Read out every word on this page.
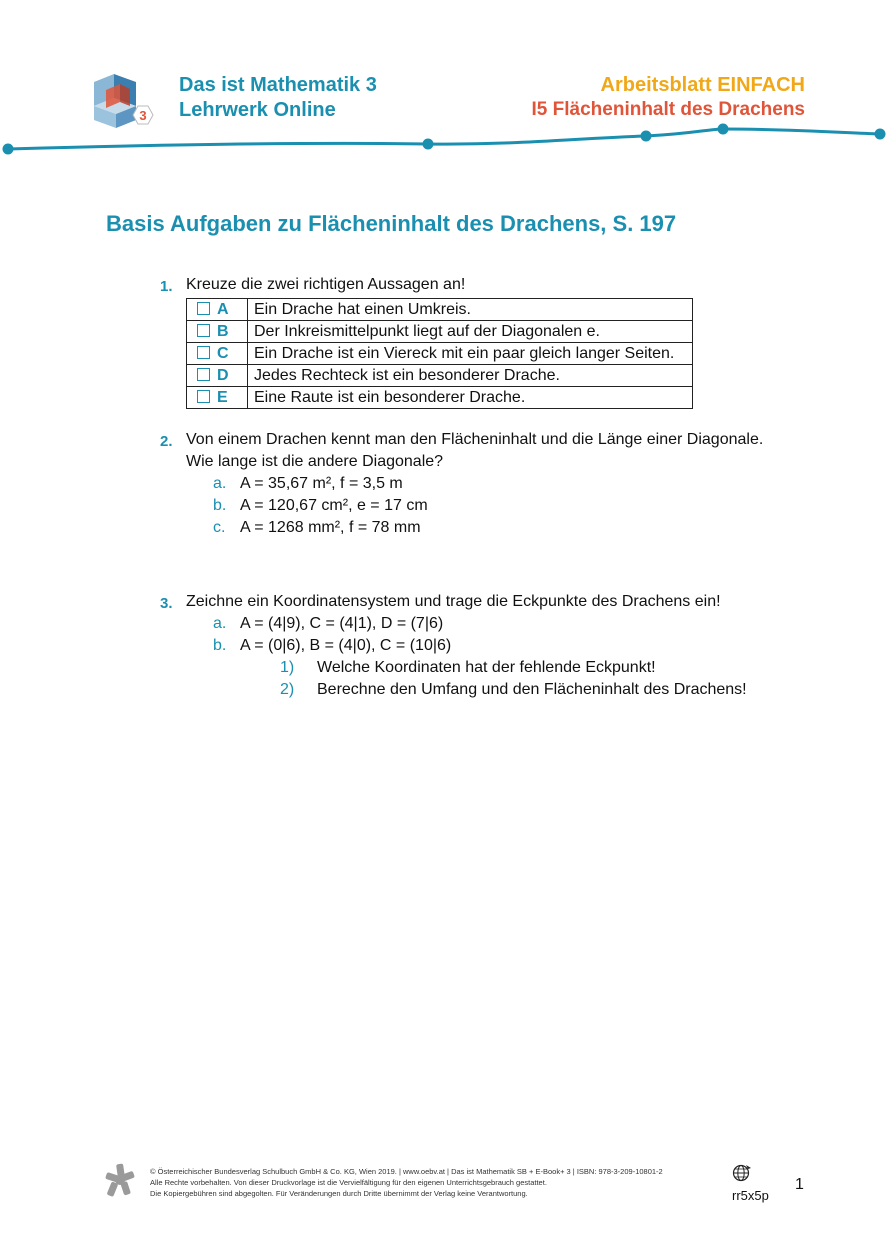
3
Das ist Mathematik 3
Lehrwerk Online
Arbeitsblatt EINFACH
I5 Flächeninhalt des Drachens
Basis Aufgaben zu Flächeninhalt des Drachens, S. 197
1. Kreuze die zwei richtigen Aussagen an!
A	Ein Drache hat einen Umkreis.
B	Der Inkreismittelpunkt liegt auf der Diagonalen e.
C	Ein Drache ist ein Viereck mit ein paar gleich langer Seiten.
D	Jedes Rechteck ist ein besonderer Drache.
E	Eine Raute ist ein besonderer Drache.
2. Von einem Drachen kennt man den Flächeninhalt und die Länge einer Diagonale.
Wie lange ist die andere Diagonale?
a. A = 35,67 m², f = 3,5 m
b. A = 120,67 cm², e = 17 cm
c. A = 1268 mm², f = 78 mm
3. Zeichne ein Koordinatensystem und trage die Eckpunkte des Drachens ein!
a. A = (4|9), C = (4|1), D = (7|6)
b. A = (0|6), B = (4|0), C = (10|6)
1) Welche Koordinaten hat der fehlende Eckpunkt!
2) Berechne den Umfang und den Flächeninhalt des Drachens!
© Österreichischer Bundesverlag Schulbuch GmbH & Co. KG, Wien 2019. | www.oebv.at | Das ist Mathematik SB + E-Book+ 3 | ISBN: 978-3-209-10801-2
Alle Rechte vorbehalten. Von dieser Druckvorlage ist die Vervielfältigung für den eigenen Unterrichtsgebrauch gestattet.
Die Kopiergebühren sind abgegolten. Für Veränderungen durch Dritte übernimmt der Verlag keine Verantwortung.	rr5x5p
1
